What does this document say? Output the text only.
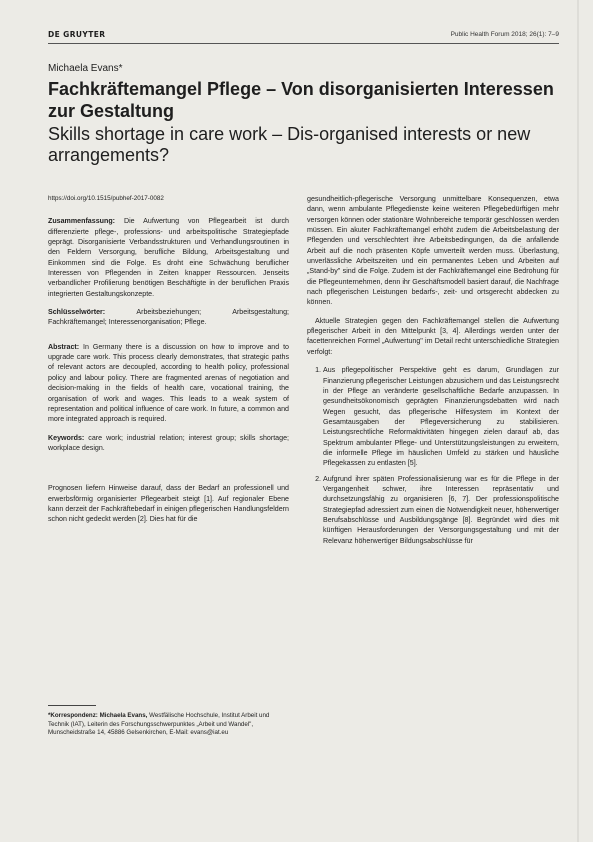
DE GRUYTER	Public Health Forum 2018; 26(1): 7–9
Michaela Evans*
Fachkräftemangel Pflege – Von disorganisierten Interessen zur Gestaltung
Skills shortage in care work – Dis-organised interests or new arrangements?

https://doi.org/10.1515/pubhef-2017-0082

Zusammenfassung: Die Aufwertung von Pflegearbeit ist durch differenzierte pflege-, professions- und arbeitspolitische Strategiepfade geprägt. Disorganisierte Verbandsstrukturen und Verhandlungsroutinen in den Feldern Versorgung, berufliche Bildung, Arbeitsgestaltung und Einkommen sind die Folge. Es droht eine Schwächung beruflicher Interessen von Pflegenden in Zeiten knapper Ressourcen. Jenseits verbandlicher Profilierung benötigen Beschäftigte in der beruflichen Praxis integrierten Gestaltungskonzepte.

Schlüsselwörter:	Arbeitsbeziehungen; Arbeitsgestaltung; Fachkräftemangel; Interessenorganisation; Pflege.

Abstract: In Germany there is a discussion on how to improve and to upgrade care work. This process clearly demonstrates, that strategic paths of relevant actors are decoupled, according to health policy, professional policy and labour policy. There are fragmented arenas of negotiation and decision-making in the fields of health care, vocational training, the organisation of work and wages. This leads to a weak system of representation and political influence of care work. In future, a common and more integrated approach is required.

Keywords: care work; industrial relation; interest group; skills shortage; workplace design.

Prognosen liefern Hinweise darauf, dass der Bedarf an professionell und erwerbsförmig organisierter Pflegearbeit steigt [1]. Auf regionaler Ebene kann derzeit der Fachkräftebedarf in einigen pflegerischen Handlungsfeldern schon nicht gedeckt werden [2]. Dies hat für die

*Korrespondenz: Michaela Evans, Westfälische Hochschule, Institut Arbeit und Technik (IAT), Leiterin des Forschungsschwerpunktes „Arbeit und Wandel", Munscheidstraße 14, 45886 Gelsenkirchen, E-Mail: evans@iat.eu

gesundheitlich-pflegerische Versorgung unmittelbare Konsequenzen, etwa dann, wenn ambulante Pflegedienste keine weiteren Pflegebedürftigen mehr versorgen können oder stationäre Wohnbereiche temporär geschlossen werden müssen. Ein akuter Fachkräftemangel erhöht zudem die Arbeitsbelastung der Pflegenden und verschlechtert ihre Arbeitsbedingungen, da die anfallende Arbeit auf die noch präsenten Köpfe umverteilt werden muss. Überlastung, unverlässliche Arbeitszeiten und ein permanentes Leben und Arbeiten auf „Stand-by" sind die Folge. Zudem ist der Fachkräftemangel eine Bedrohung für die Pflegeunternehmen, denn ihr Geschäftsmodell basiert darauf, die Nachfrage nach pflegerischen Leistungen bedarfs-, zeit- und ortsgerecht abdecken zu können.

Aktuelle Strategien gegen den Fachkräftemangel stellen die Aufwertung pflegerischer Arbeit in den Mittelpunkt [3, 4]. Allerdings werden unter der facettenreichen Formel „Aufwertung" im Detail recht unterschiedliche Strategien verfolgt:

1. Aus pflegepolitischer Perspektive geht es darum, Grundlagen zur Finanzierung pflegerischer Leistungen abzusichern und das Leistungsrecht in der Pflege an veränderte gesellschaftliche Bedarfe anzupassen. In gesundheitsökonomisch geprägten Finanzierungsdebatten wird nach Wegen gesucht, das pflegerische Hilfesystem im Kontext der Gesamtausgaben der Pflegeversicherung zu stabilisieren. Leistungsrechtliche Reformaktivitäten hingegen zielen darauf ab, das Spektrum ambulanter Pflege- und Unterstützungsleistungen zu erweitern, die informelle Pflege im häuslichen Umfeld zu stärken und häusliche Pflegekassen zu entlasten [5].
2. Aufgrund ihrer späten Professionalisierung war es für die Pflege in der Vergangenheit schwer, ihre Interessen repräsentativ und durchsetzungsfähig zu organisieren [6, 7]. Der professionspolitische Strategiepfad adressiert zum einen die Notwendigkeit neuer, höherwertiger Berufsabschlüsse und Ausbildungsgänge [8]. Begründet wird dies mit künftigen Herausforderungen der Versorgungsgestaltung und mit der Relevanz höherwertiger Bildungsabschlüsse für
